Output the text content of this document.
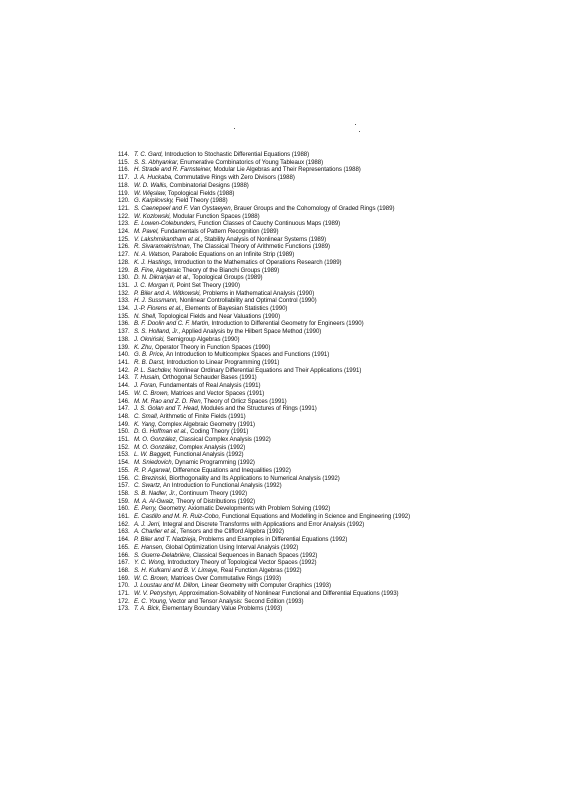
114. T. C. Gard, Introduction to Stochastic Differential Equations (1988)
115. S. S. Abhyankar, Enumerative Combinatorics of Young Tableaux (1988)
116. H. Strade and R. Farnsteiner, Modular Lie Algebras and Their Representations (1988)
117. J. A. Huckaba, Commutative Rings with Zero Divisors (1988)
118. W. D. Wallis, Combinatorial Designs (1988)
119. W. Więsław, Topological Fields (1988)
120. G. Karpilovsky, Field Theory (1988)
121. S. Caenepeel and F. Van Oystaeyen, Brauer Groups and the Cohomology of Graded Rings (1989)
122. W. Kozlowski, Modular Function Spaces (1988)
123. E. Lowen-Colebunders, Function Classes of Cauchy Continuous Maps (1989)
124. M. Pavel, Fundamentals of Pattern Recognition (1989)
125. V. Lakshmikantham et al., Stability Analysis of Nonlinear Systems (1989)
126. R. Sivaramakrishnan, The Classical Theory of Arithmetic Functions (1989)
127. N. A. Watson, Parabolic Equations on an Infinite Strip (1989)
128. K. J. Hastings, Introduction to the Mathematics of Operations Research (1989)
129. B. Fine, Algebraic Theory of the Bianchi Groups (1989)
130. D. N. Dikranjan et al., Topological Groups (1989)
131. J. C. Morgan II, Point Set Theory (1990)
132. P. Biler and A. Witkowski, Problems in Mathematical Analysis (1990)
133. H. J. Sussmann, Nonlinear Controllability and Optimal Control (1990)
134. J.-P. Florens et al., Elements of Bayesian Statistics (1990)
135. N. Shell, Topological Fields and Near Valuations (1990)
136. B. F. Doolin and C. F. Martin, Introduction to Differential Geometry for Engineers (1990)
137. S. S. Holland, Jr., Applied Analysis by the Hilbert Space Method (1990)
138. J. Okniński, Semigroup Algebras (1990)
139. K. Zhu, Operator Theory in Function Spaces (1990)
140. G. B. Price, An Introduction to Multicomplex Spaces and Functions (1991)
141. R. B. Darst, Introduction to Linear Programming (1991)
142. P. L. Sachdev, Nonlinear Ordinary Differential Equations and Their Applications (1991)
143. T. Husain, Orthogonal Schauder Bases (1991)
144. J. Foran, Fundamentals of Real Analysis (1991)
145. W. C. Brown, Matrices and Vector Spaces (1991)
146. M. M. Rao and Z. D. Ren, Theory of Orlicz Spaces (1991)
147. J. S. Golan and T. Head, Modules and the Structures of Rings (1991)
148. C. Small, Arithmetic of Finite Fields (1991)
149. K. Yang, Complex Algebraic Geometry (1991)
150. D. G. Hoffman et al., Coding Theory (1991)
151. M. O. González, Classical Complex Analysis (1992)
152. M. O. González, Complex Analysis (1992)
153. L. W. Baggett, Functional Analysis (1992)
154. M. Sniedovich, Dynamic Programming (1992)
155. R. P. Agarwal, Difference Equations and Inequalities (1992)
156. C. Brezinski, Biorthogonality and Its Applications to Numerical Analysis (1992)
157. C. Swartz, An Introduction to Functional Analysis (1992)
158. S. B. Nadler, Jr., Continuum Theory (1992)
159. M. A. Al-Gwaiz, Theory of Distributions (1992)
160. E. Perry, Geometry: Axiomatic Developments with Problem Solving (1992)
161. E. Castillo and M. R. Ruiz-Cobo, Functional Equations and Modelling in Science and Engineering (1992)
162. A. J. Jerri, Integral and Discrete Transforms with Applications and Error Analysis (1992)
163. A. Charlier et al., Tensors and the Clifford Algebra (1992)
164. P. Biler and T. Nadzieja, Problems and Examples in Differential Equations (1992)
165. E. Hansen, Global Optimization Using Interval Analysis (1992)
166. S. Guerre-Delabrière, Classical Sequences in Banach Spaces (1992)
167. Y. C. Wong, Introductory Theory of Topological Vector Spaces (1992)
168. S. H. Kulkarni and B. V. Limaye, Real Function Algebras (1992)
169. W. C. Brown, Matrices Over Commutative Rings (1993)
170. J. Loustau and M. Dillon, Linear Geometry with Computer Graphics (1993)
171. W. V. Petryshyn, Approximation-Solvability of Nonlinear Functional and Differential Equations (1993)
172. E. C. Young, Vector and Tensor Analysis: Second Edition (1993)
173. T. A. Bick, Elementary Boundary Value Problems (1993)
